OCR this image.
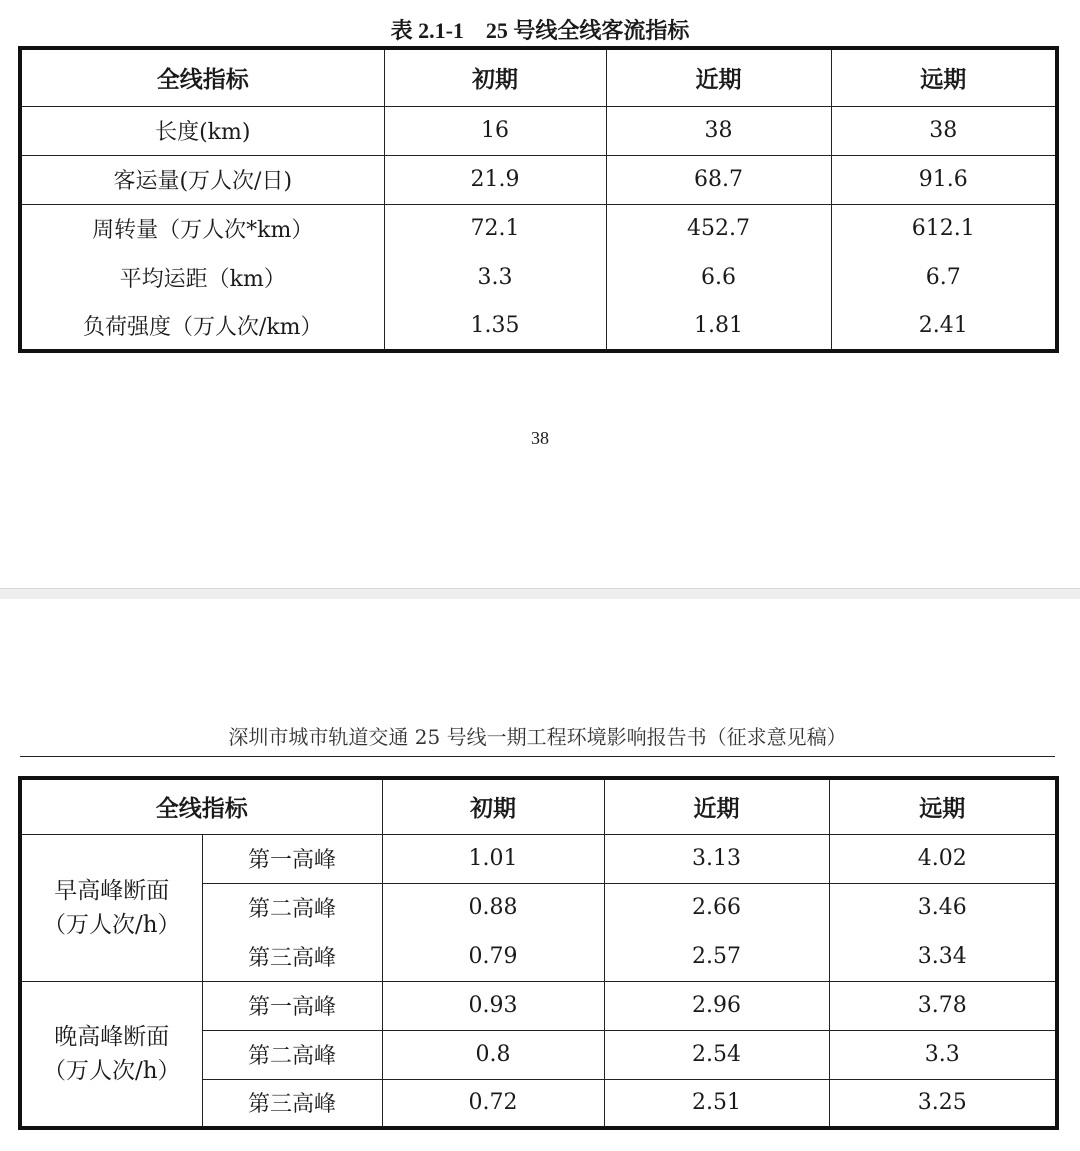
表 2.1-1　25 号线全线客流指标
全线指标	初期	近期	远期
长度(km)	16	38	38
客运量(万人次/日)	21.9	68.7	91.6
周转量（万人次*km）	72.1	452.7	612.1
平均运距（km）	3.3	6.6	6.7
负荷强度（万人次/km）	1.35	1.81	2.41
38
深圳市城市轨道交通 25 号线一期工程环境影响报告书（征求意见稿）
全线指标		初期	近期	远期

早高峰断面
（万人次/h）	第一高峰	1.01	3.13	4.02
	第二高峰	0.88	2.66	3.46
	第三高峰	0.79	2.57	3.34

晚高峰断面
（万人次/h）	第一高峰	0.93	2.96	3.78
	第二高峰	0.8	2.54	3.3
	第三高峰	0.72	2.51	3.25
